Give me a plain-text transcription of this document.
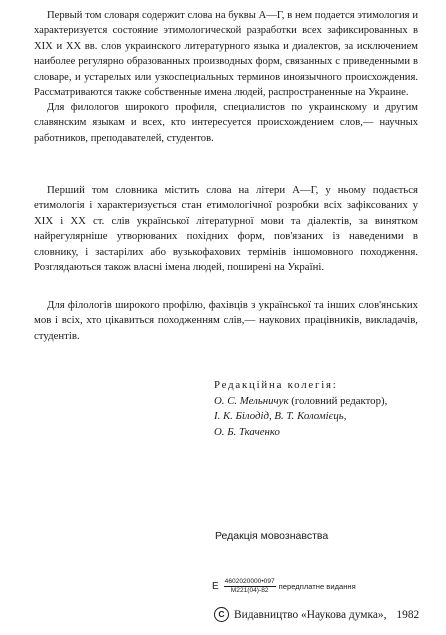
Первый том словаря содержит слова на буквы А—Г, в нем подается этимология и характеризуется состояние этимологической разработки всех зафиксированных в XIX и XX вв. слов украинского литературного языка и диалектов, за исключением наиболее регулярно образованных производных форм, связанных с приведенными в словаре, и устарелых или узкоспециальных терминов иноязычного происхождения. Рассматриваются также собственные имена людей, распространенные на Украине.

Для филологов широкого профиля, специалистов по украинскому и другим славянским языкам и всех, кто интересуется происхождением слов,— научных работников, преподавателей, студентов.

Перший том словника містить слова на літери А—Г, у ньому подається етимологія і характеризується стан етимологічної розробки всіх зафіксованих у XIX і XX ст. слів української літературної мови та діалектів, за винятком найрегулярніше утворюваних похідних форм, пов'язаних із наведеними в словнику, і застарілих або вузькофахових термінів іншомовного походження. Розглядаються також власні імена людей, поширені на Україні.

Для філологів широкого профілю, фахівців з української та інших слов'янських мов і всіх, хто цікавиться походженням слів,— наукових працівників, викладачів, студентів.

Редакційна колегія:
О. С. Мельничук (головний редактор),
І. К. Білодід, В. Т. Коломієць,
О. Б. Ткаченко
Редакція мовознавства
Е $\frac{4602020000•097}{М221(04)-82}$ передплатне видання
C Видавництво «Наукова думка», 1982
